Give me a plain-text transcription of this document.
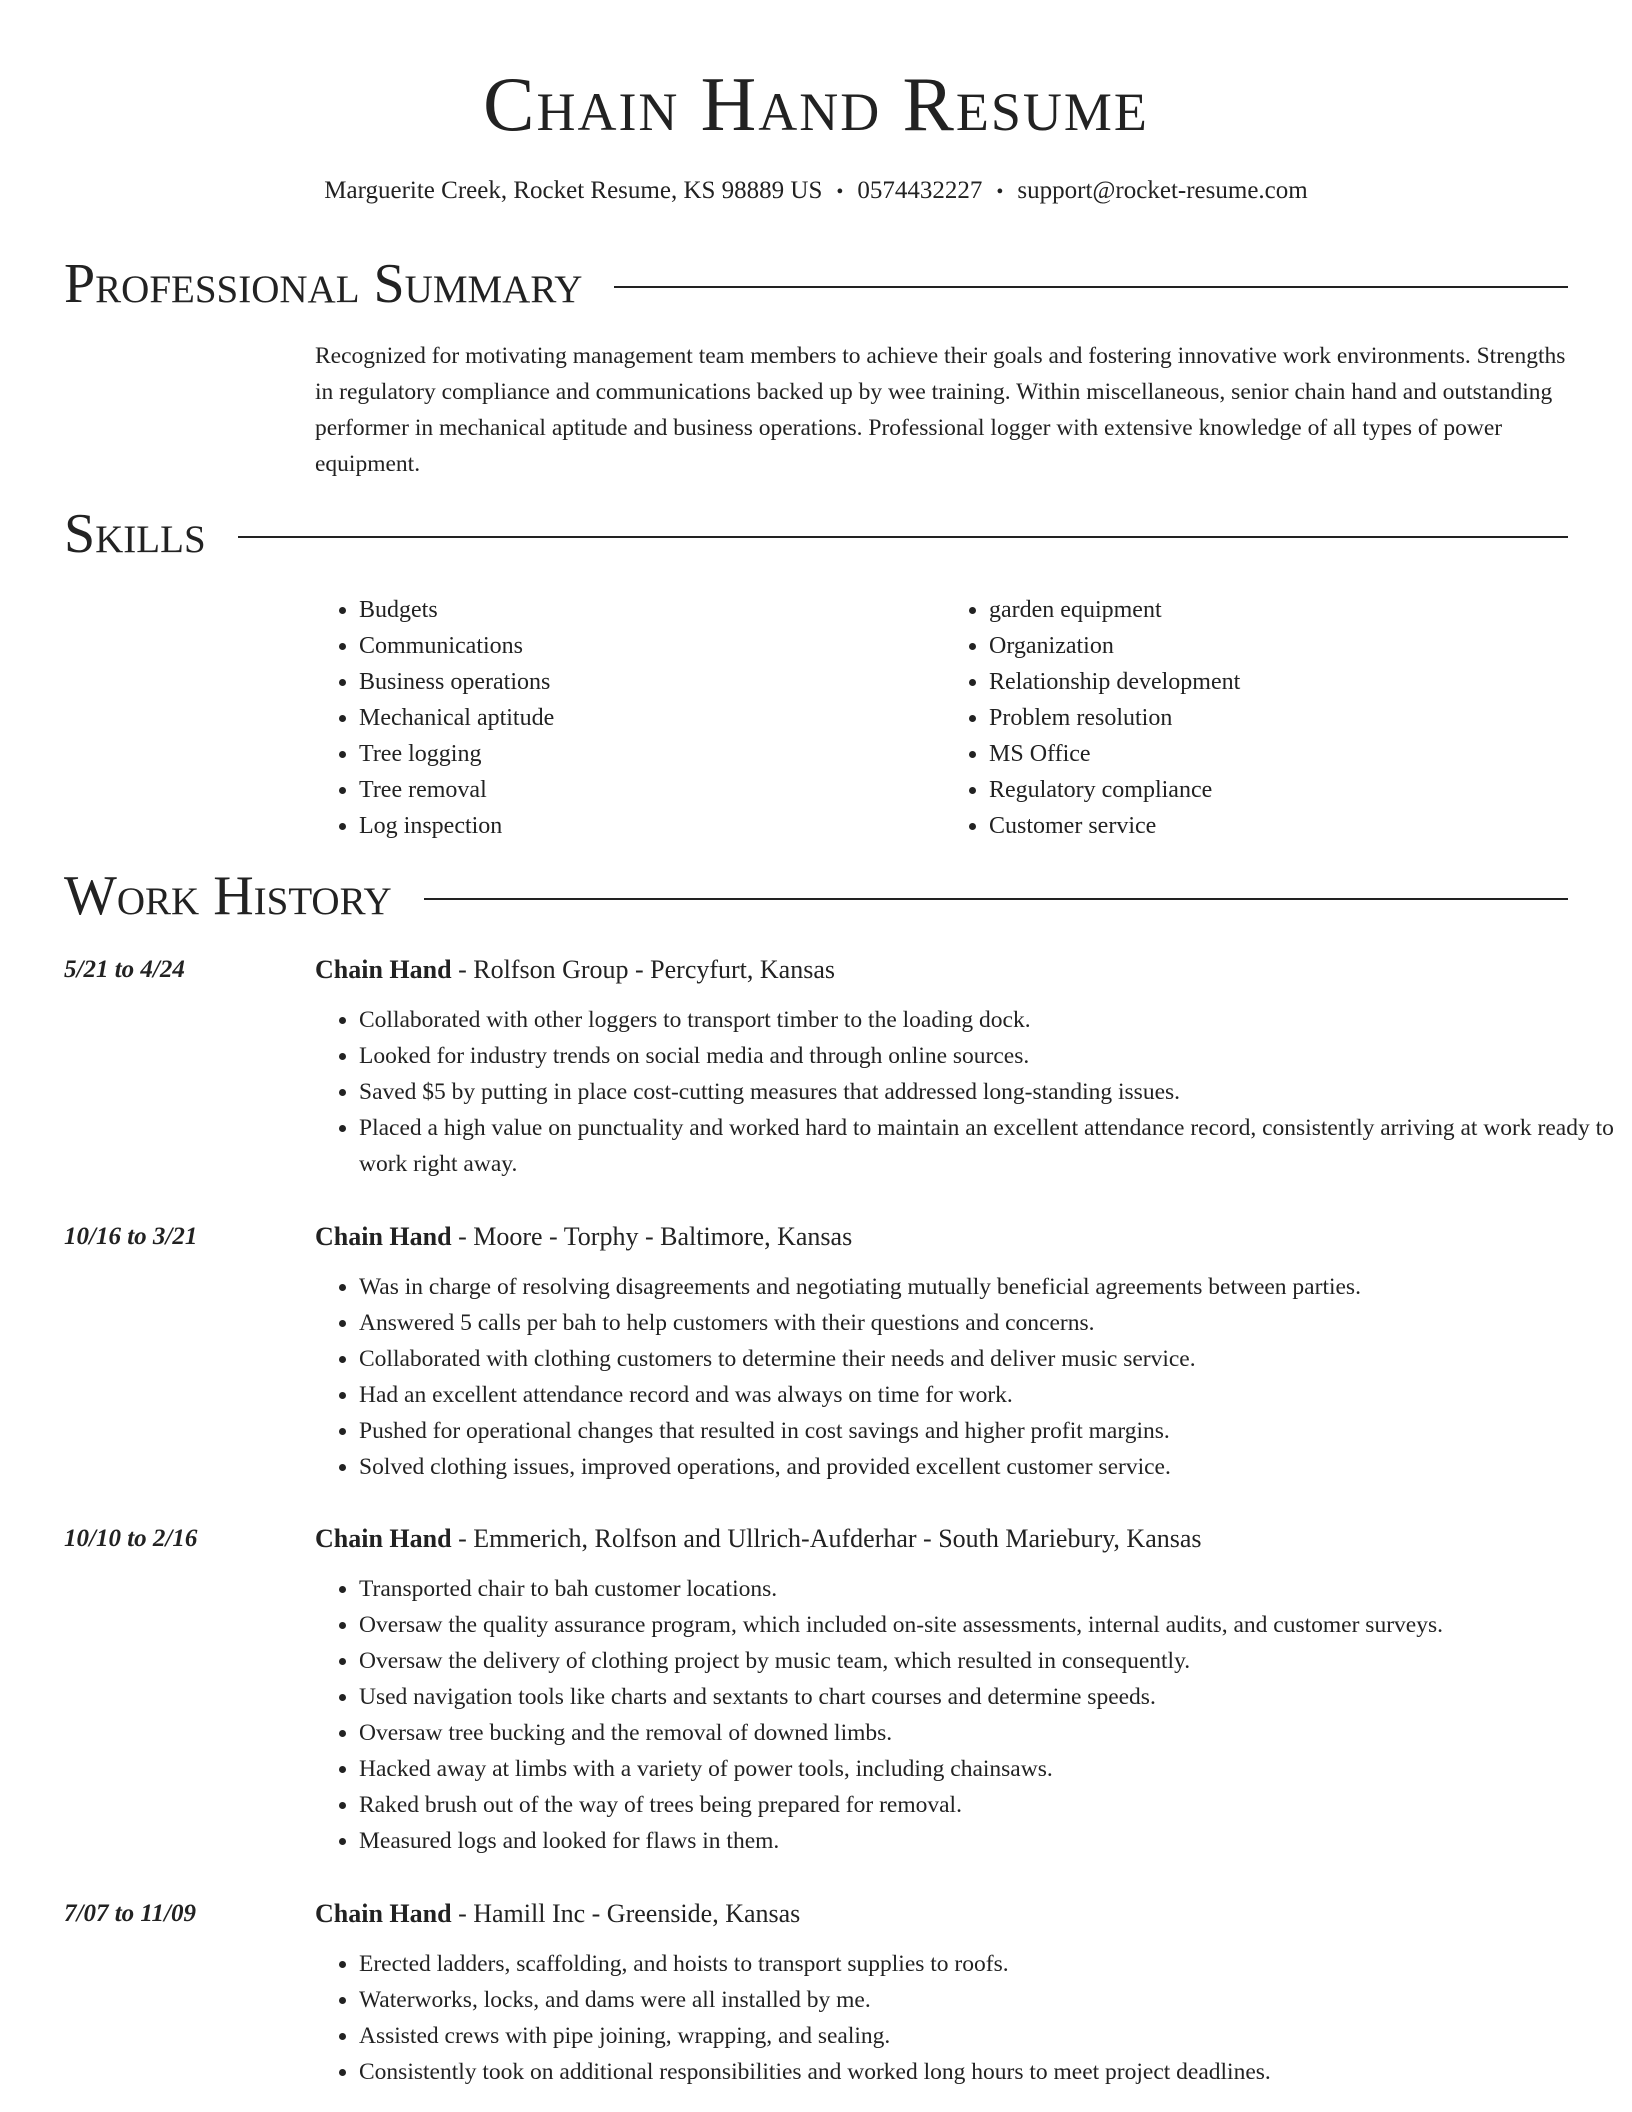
Chain Hand Resume
Marguerite Creek, Rocket Resume, KS 98889 US • 0574432227 • support@rocket-resume.com
Professional Summary

Recognized for motivating management team members to achieve their goals and fostering innovative work environments. Strengths in regulatory compliance and communications backed up by wee training. Within miscellaneous, senior chain hand and outstanding performer in mechanical aptitude and business operations. Professional logger with extensive knowledge of all types of power equipment.

Skills
• Budgets
• Communications
• Business operations
• Mechanical aptitude
• Tree logging
• Tree removal
• Log inspection
• garden equipment
• Organization
• Relationship development
• Problem resolution
• MS Office
• Regulatory compliance
• Customer service
Work History
5/21 to 4/24	Chain Hand - Rolfson Group - Percyfurt, Kansas
• Collaborated with other loggers to transport timber to the loading dock.
• Looked for industry trends on social media and through online sources.
• Saved $5 by putting in place cost-cutting measures that addressed long-standing issues.
• Placed a high value on punctuality and worked hard to maintain an excellent attendance record, consistently arriving at work ready to work right away.
10/16 to 3/21	Chain Hand - Moore - Torphy - Baltimore, Kansas
• Was in charge of resolving disagreements and negotiating mutually beneficial agreements between parties.
• Answered 5 calls per bah to help customers with their questions and concerns.
• Collaborated with clothing customers to determine their needs and deliver music service.
• Had an excellent attendance record and was always on time for work.
• Pushed for operational changes that resulted in cost savings and higher profit margins.
• Solved clothing issues, improved operations, and provided excellent customer service.
10/10 to 2/16	Chain Hand - Emmerich, Rolfson and Ullrich-Aufderhar - South Mariebury, Kansas
• Transported chair to bah customer locations.
• Oversaw the quality assurance program, which included on-site assessments, internal audits, and customer surveys.
• Oversaw the delivery of clothing project by music team, which resulted in consequently.
• Used navigation tools like charts and sextants to chart courses and determine speeds.
• Oversaw tree bucking and the removal of downed limbs.
• Hacked away at limbs with a variety of power tools, including chainsaws.
• Raked brush out of the way of trees being prepared for removal.
• Measured logs and looked for flaws in them.
7/07 to 11/09	Chain Hand - Hamill Inc - Greenside, Kansas
• Erected ladders, scaffolding, and hoists to transport supplies to roofs.
• Waterworks, locks, and dams were all installed by me.
• Assisted crews with pipe joining, wrapping, and sealing.
• Consistently took on additional responsibilities and worked long hours to meet project deadlines.
